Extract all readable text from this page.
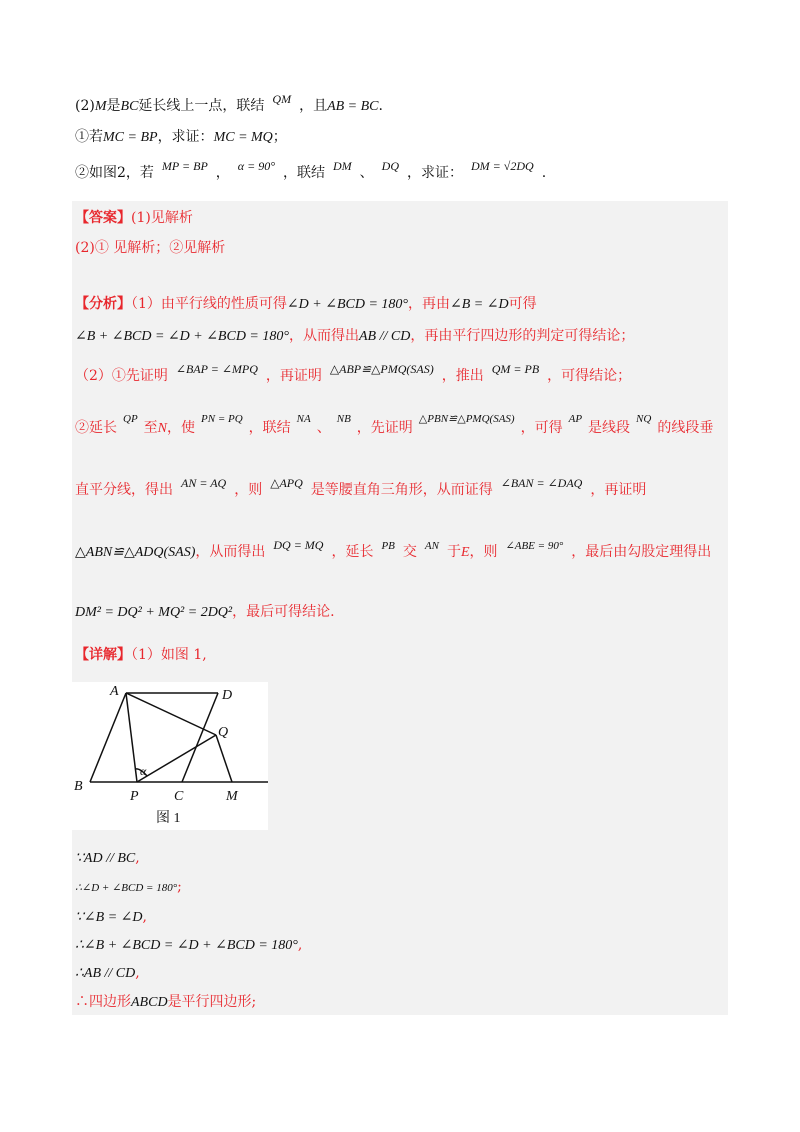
(2)M是BC延长线上一点，联结 QM ，且AB = BC.
①若MC = BP，求证：MC = MQ；
②如图2，若 MP = BP ， α = 90° ，联结 DM 、 DQ ，求证： DM = √2DQ .
【答案】(1)见解析
(2)① 见解析；②见解析
【分析】（1）由平行线的性质可得∠D + ∠BCD = 180°，再由∠B = ∠D可得
∠B + ∠BCD = ∠D + ∠BCD = 180°，从而得出AB // CD，再由平行四边形的判定可得结论；
（2）①先证明 ∠BAP = ∠MPQ ，再证明 △ABP≌△PMQ(SAS) ，推出 QM = PB ，可得结论；
②延长$^{QP}$至N，使$^{PN = PQ}$，联结$^{NA}$、$^{NB}$，先证明$^{\triangle PBN≌\triangle PMQ(SAS)}$，可得$^{AP}$是线段$^{NQ}$的线段垂
直平分线，得出 AN = AQ ，则 △APQ 是等腰直角三角形，从而证得 ∠BAN = ∠DAQ ，再证明
△ABN≌△ADQ(SAS)，从而得出 DQ = MQ ，延长 $^{PB}$ 交 $^{AN}$ 于E，则 $^{\angle ABE = 90^\circ}$ ，最后由勾股定理得出
DM² = DQ² + MQ² = 2DQ²，最后可得结论.
【详解】（1）如图 1,
A	D
Q
B
P	C	M
α
图 1
∵AD // BC,
∴∠D + ∠BCD = 180°;
∵∠B = ∠D,
∴∠B + ∠BCD = ∠D + ∠BCD = 180°,
∴AB // CD,
∴四边形ABCD是平行四边形;
